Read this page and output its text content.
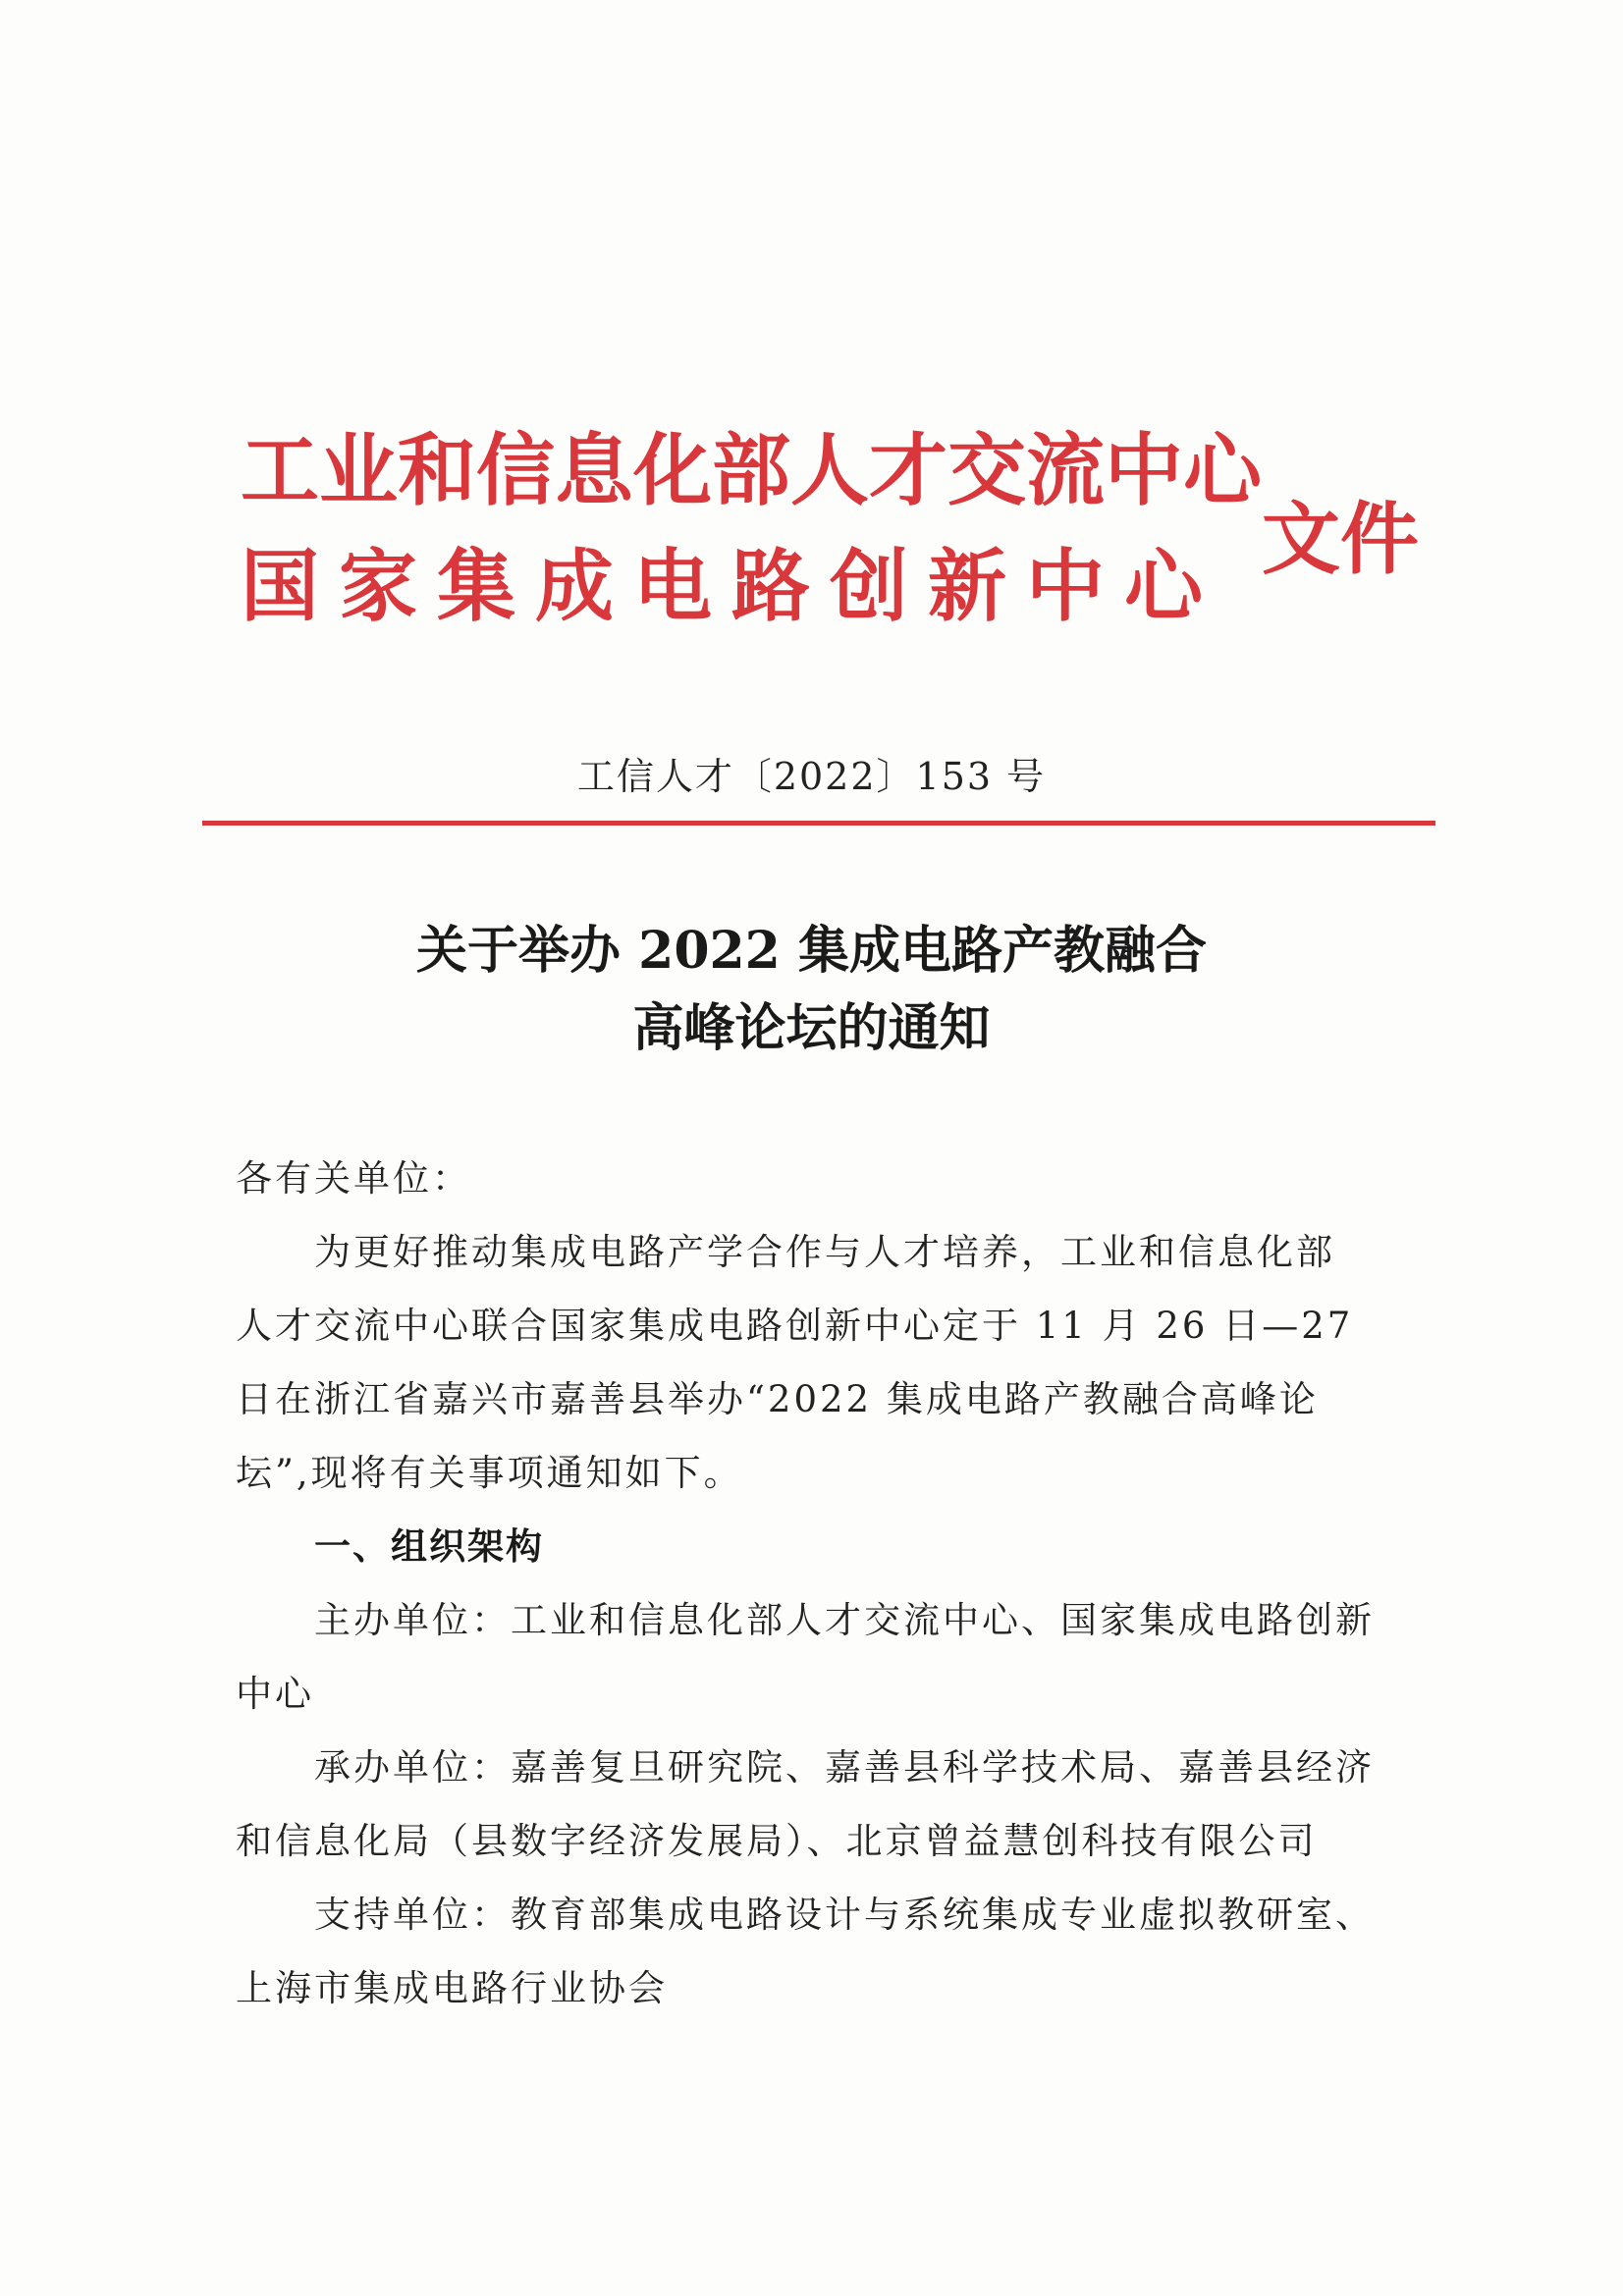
工业和信息化部人才交流中心
国家集成电路创新中心
文件
工信人才〔2022〕153 号
关于举办 2022 集成电路产教融合
高峰论坛的通知
各有关单位：
为更好推动集成电路产学合作与人才培养，工业和信息化部
人才交流中心联合国家集成电路创新中心定于 11 月 26 日—27
日在浙江省嘉兴市嘉善县举办“2022 集成电路产教融合高峰论
坛”,现将有关事项通知如下。
一、组织架构
主办单位：工业和信息化部人才交流中心、国家集成电路创新
中心
承办单位：嘉善复旦研究院、嘉善县科学技术局、嘉善县经济
和信息化局（县数字经济发展局）、北京曾益慧创科技有限公司
支持单位：教育部集成电路设计与系统集成专业虚拟教研室、
上海市集成电路行业协会
